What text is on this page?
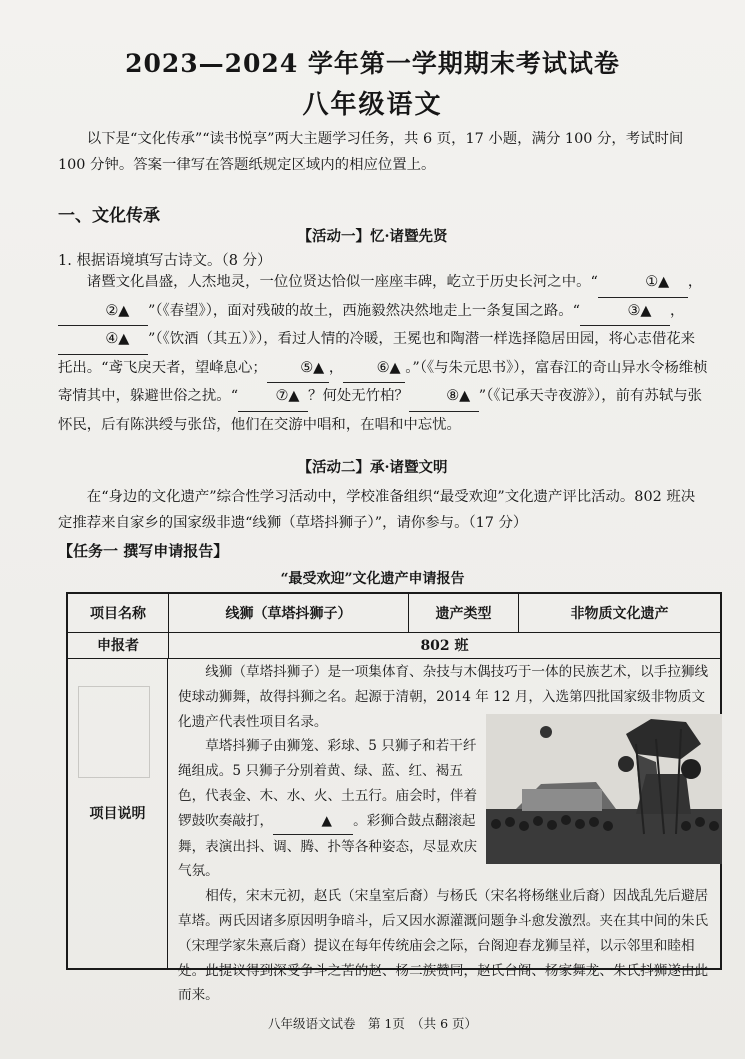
2023—2024 学年第一学期期末考试试卷
八年级语文
以下是“文化传承”“读书悦享”两大主题学习任务，共 6 页，17 小题，满分 100 分，考试时间 100 分钟。答案一律写在答题纸规定区域内的相应位置上。
一、文化传承
【活动一】忆·诸暨先贤
1. 根据语境填写古诗文。（8 分）
诸暨文化昌盛，人杰地灵，一位位贤达恰似一座座丰碑，屹立于历史长河之中。“	①▲ ，②▲ ”（《春望》），面对残破的故土，西施毅然决然地走上一条复国之路。“	③▲ ，④▲ ”（《饮酒（其五）》），看过人情的冷暖，王冕也和陶潜一样选择隐居田园，将心志借花来托出。“鸢飞戾天者，望峰息心； ⑤▲ ， ⑥▲ 。”（《与朱元思书》），富春江的奇山异水令杨维桢寄情其中，躲避世俗之扰。“	⑦▲ ？何处无竹柏？	⑧▲ ”（《记承天寺夜游》），前有苏轼与张怀民，后有陈洪绶与张岱，他们在交游中唱和，在唱和中忘忧。
【活动二】承·诸暨文明
在“身边的文化遗产”综合性学习活动中，学校准备组织“最受欢迎”文化遗产评比活动。802 班决定推荐来自家乡的国家级非遗“线狮（草塔抖狮子）”，请你参与。（17 分）
【任务一 撰写申请报告】
“最受欢迎”文化遗产申请报告
项目名称	线狮（草塔抖狮子）	遗产类型	非物质文化遗产
申报者	802 班
项目说明

线狮（草塔抖狮子）是一项集体育、杂技与木偶技巧于一体的民族艺术，以手拉狮线使球动狮舞，故得抖狮之名。起源于清朝，2014 年 12 月，入选第四批国家级非物质文化遗产代表性项目名录。

草塔抖狮子由狮笼、彩球、5 只狮子和若干纤绳组成。5 只狮子分别着黄、绿、蓝、红、褐五色，代表金、木、水、火、土五行。庙会时，伴着锣鼓吹奏敲打，	▲ 。彩狮合鼓点翻滚起舞，表演出抖、调、腾、扑等各种姿态，尽显欢庆气氛。

相传，宋末元初，赵氏（宋皇室后裔）与杨氏（宋名将杨继业后裔）因战乱先后避居草塔。两氏因诸多原因明争暗斗，后又因水源灌溉问题争斗愈发激烈。夹在其中间的朱氏（宋理学家朱熹后裔）提议在每年传统庙会之际，台阁迎春龙狮呈祥，以示邻里和睦相处。此提议得到深受争斗之苦的赵、杨二族赞同，赵氏台阁、杨家舞龙、朱氏抖狮遂由此而来。

八年级语文试卷　第 1页　（共 6 页）
